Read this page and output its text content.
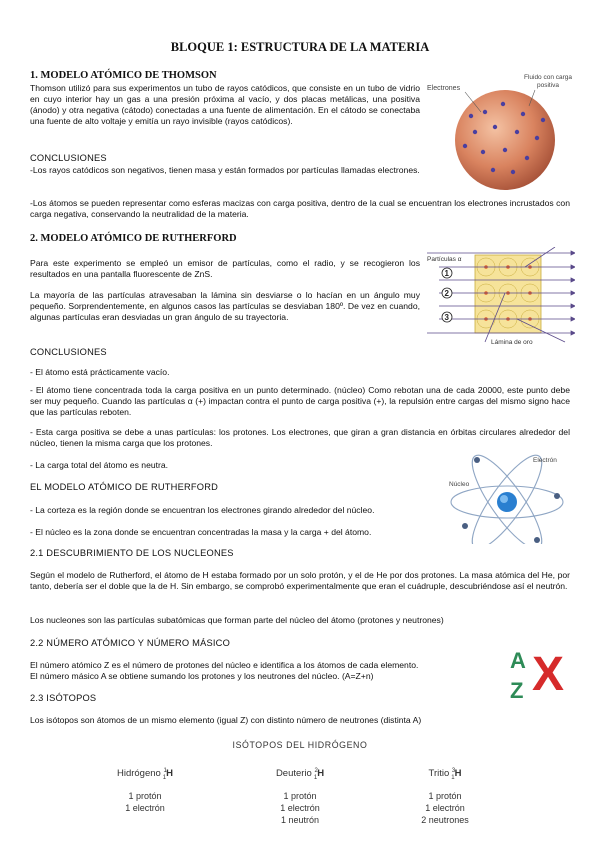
BLOQUE 1: ESTRUCTURA DE LA MATERIA

1. MODELO ATÓMICO DE THOMSON

Thomson utilizó para sus experimentos un tubo de rayos catódicos, que consiste en un tubo de vidrio en cuyo interior hay un gas a una presión próxima al vacío, y dos placas metálicas, una positiva (ánodo) y otra negativa (cátodo) conectadas a una fuente de alimentación. En el cátodo se conectaba una fuente de alto voltaje y emitía un rayo invisible (rayos catódicos).

CONCLUSIONES

-Los rayos catódicos son negativos, tienen masa y están formados por partículas llamadas electrones.

-Los átomos se pueden representar como esferas macizas con carga positiva, dentro de la cual se encuentran los electrones incrustados con carga negativa, conservando la neutralidad de la materia.

Electrones
Fluido con carga positiva

2. MODELO ATÓMICO DE RUTHERFORD

Para este experimento se empleó un emisor de partículas, como el radio, y se recogieron los resultados en una pantalla fluorescente de ZnS.

La mayoría de las partículas atravesaban la lámina sin desviarse o lo hacían en un ángulo muy pequeño. Sorprendentemente, en algunos casos las partículas se desviaban 180º. De vez en cuando, algunas partículas eran desviadas un gran ángulo de su trayectoria.

CONCLUSIONES

- El átomo está prácticamente vacío.

- El átomo tiene concentrada toda la carga positiva en un punto determinado. (núcleo) Como rebotan una de cada 20000, este punto debe ser muy pequeño. Cuando las partículas α (+) impactan contra el punto de carga positiva (+), la repulsión entre cargas del mismo signo hace que las partículas reboten.

- Esta carga positiva se debe a unas partículas: los protones. Los electrones, que giran a gran distancia en órbitas circulares alrededor del núcleo, tienen la misma carga que los protones.

- La carga total del átomo es neutra.

EL MODELO ATÓMICO DE RUTHERFORD

- La corteza es la región donde se encuentran los electrones girando alrededor del núcleo.

- El núcleo es la zona donde se encuentran concentradas la masa y la carga + del átomo.

1
2
3
Partículas α
Lámina de oro
Electrón
Núcleo

2.1 DESCUBRIMIENTO DE LOS NUCLEONES

Según el modelo de Rutherford, el átomo de H estaba formado por un solo protón, y el de He por dos protones. La masa atómica del He, por tanto, debería ser el doble que la de H. Sin embargo, se comprobó experimentalmente que eran el cuádruple, descubriéndose así el neutrón.

Los nucleones son las partículas subatómicas que forman parte del núcleo del átomo (protones y neutrones)

2.2 NÚMERO ATÓMICO Y NÚMERO MÁSICO

El número atómico Z es el número de protones del núcleo e identifica a los átomos de cada elemento.

El número másico A se obtiene sumando los protones y los neutrones del núcleo. (A=Z+n)

A
Z X

2.3 ISÓTOPOS

Los isótopos son átomos de un mismo elemento (igual Z) con distinto número de neutrones (distinta A)

ISÓTOPOS DEL HIDRÓGENO

Hidrógeno $^1_1$H
1 protón
1 electrón
Deuterio $^2_1$H
1 protón
1 electrón
1 neutrón
Tritio $^3_1$H
1 protón
1 electrón
2 neutrones
